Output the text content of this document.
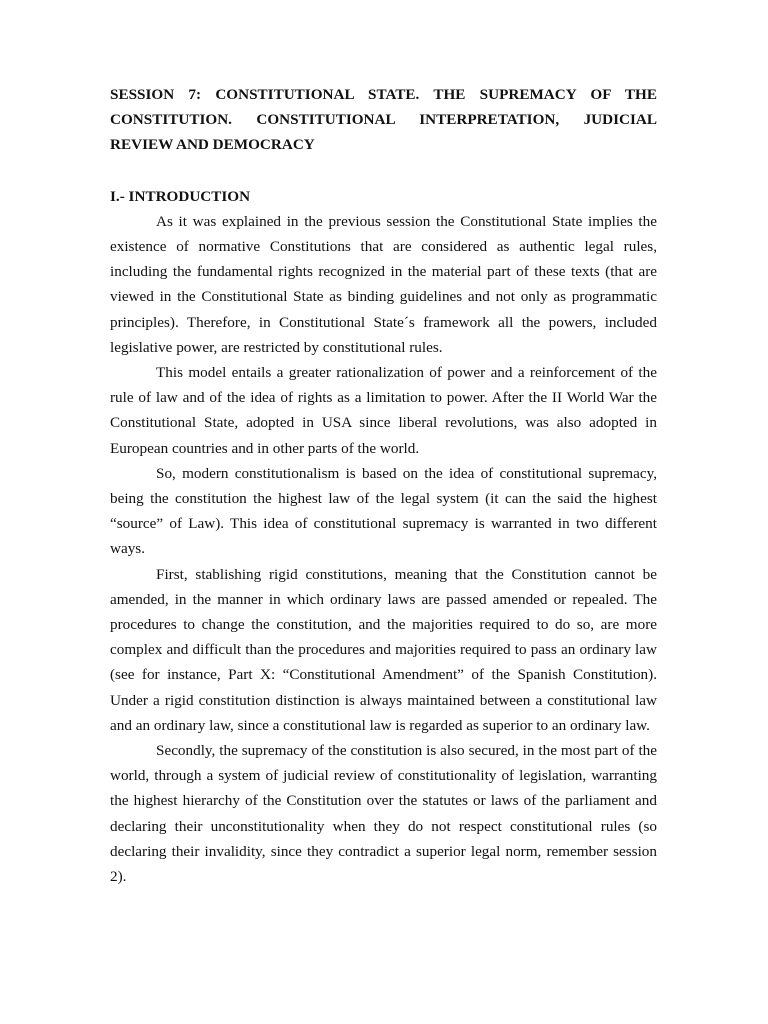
SESSION 7: CONSTITUTIONAL STATE. THE SUPREMACY OF THE CONSTITUTION. CONSTITUTIONAL INTERPRETATION, JUDICIAL REVIEW AND DEMOCRACY
I.- INTRODUCTION

As it was explained in the previous session the Constitutional State implies the existence of normative Constitutions that are considered as authentic legal rules, including the fundamental rights recognized in the material part of these texts (that are viewed in the Constitutional State as binding guidelines and not only as programmatic principles). Therefore, in Constitutional State´s framework all the powers, included legislative power, are restricted by constitutional rules.

This model entails a greater rationalization of power and a reinforcement of the rule of law and of the idea of rights as a limitation to power. After the II World War the Constitutional State, adopted in USA since liberal revolutions, was also adopted in European countries and in other parts of the world.

So, modern constitutionalism is based on the idea of constitutional supremacy, being the constitution the highest law of the legal system (it can the said the highest “source” of Law). This idea of constitutional supremacy is warranted in two different ways.

First, stablishing rigid constitutions, meaning that the Constitution cannot be amended, in the manner in which ordinary laws are passed amended or repealed. The procedures to change the constitution, and the majorities required to do so, are more complex and difficult than the procedures and majorities required to pass an ordinary law (see for instance, Part X: “Constitutional Amendment” of the Spanish Constitution). Under a rigid constitution distinction is always maintained between a constitutional law and an ordinary law, since a constitutional law is regarded as superior to an ordinary law.

Secondly, the supremacy of the constitution is also secured, in the most part of the world, through a system of judicial review of constitutionality of legislation, warranting the highest hierarchy of the Constitution over the statutes or laws of the parliament and declaring their unconstitutionality when they do not respect constitutional rules (so declaring their invalidity, since they contradict a superior legal norm, remember session 2).
